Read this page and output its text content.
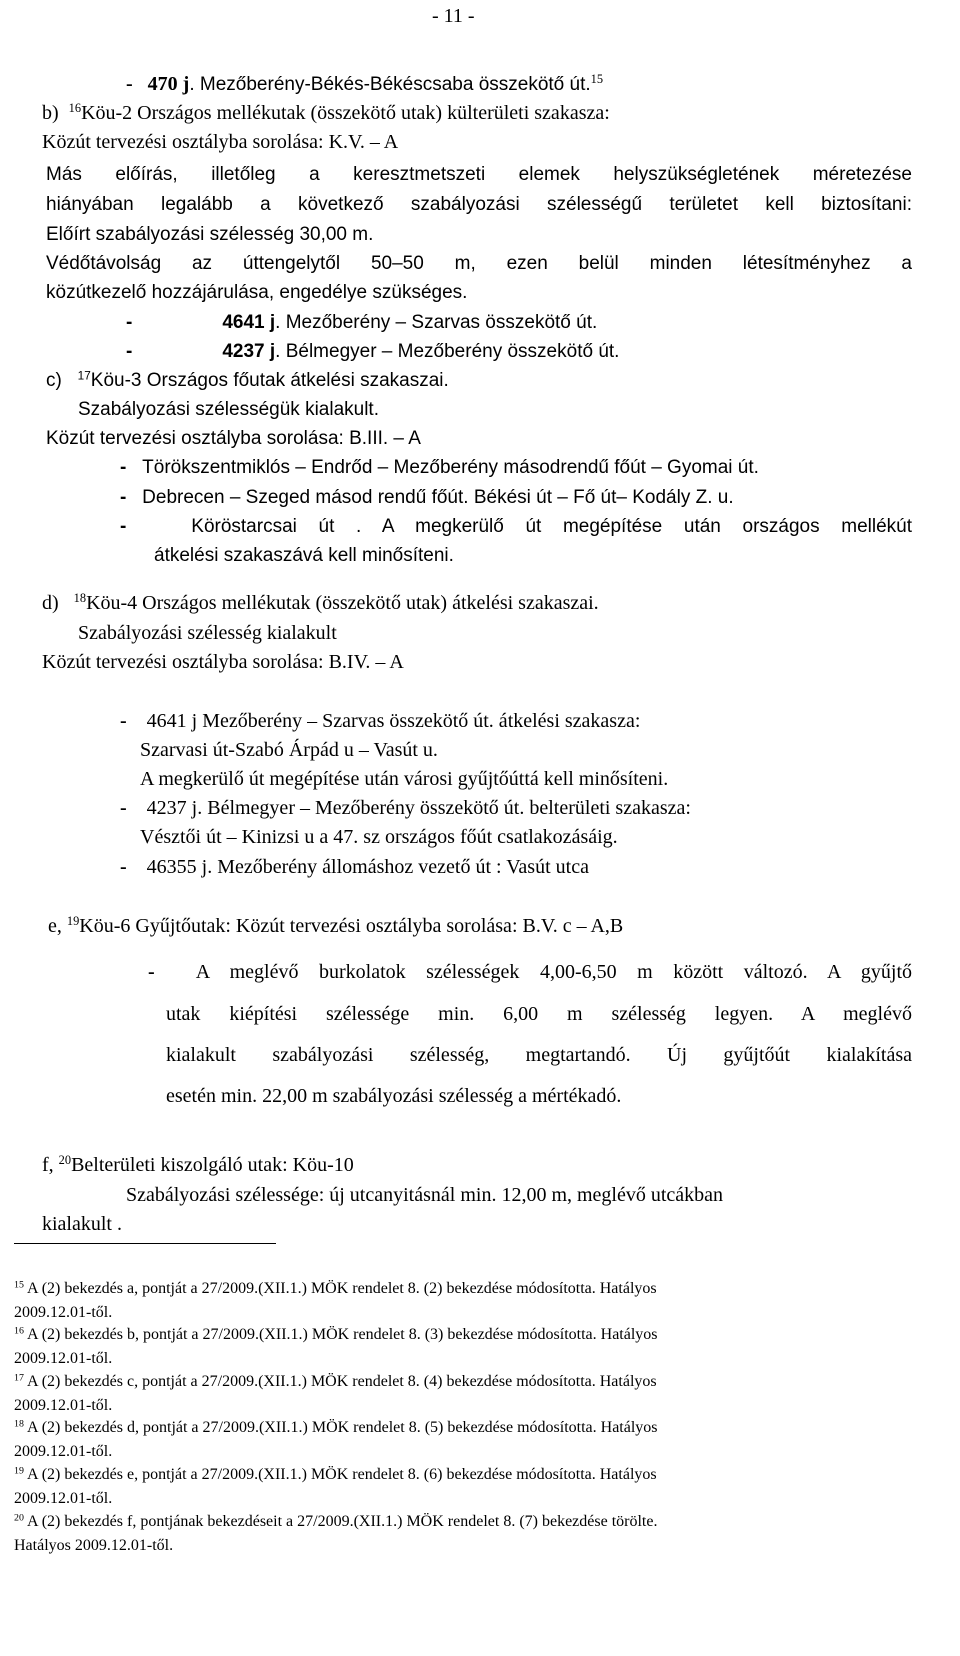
- 11 -
- 470 j. Mezőberény-Békés-Békéscsaba összekötő út.$^{15}$
b) $^{16}$Köu-2 Országos mellékutak (összekötő utak) külterületi szakasza:
Közút tervezési osztályba sorolása: K.V. – A
Más előírás, illetőleg a keresztmetszeti elemek helyszükségletének méretezése
hiányában legalább a következő szabályozási szélességű területet kell biztosítani:
Előírt szabályozási szélesség 30,00 m.
Védőtávolság az úttengelytől 50–50 m, ezen belül minden létesítményhez a
közútkezelő hozzájárulása, engedélye szükséges.
-	4641 j. Mezőberény – Szarvas összekötő út.
-	4237 j. Bélmegyer – Mezőberény összekötő út.
c) $^{17}$Köu-3 Országos főutak átkelési szakaszai.
Szabályozási szélességük kialakult.
Közút tervezési osztályba sorolása: B.III. – A
- Törökszentmiklós – Endrőd – Mezőberény másodrendű főút – Gyomai út.
- Debrecen – Szeged másod rendű főút. Békési út – Fő út– Kodály Z. u.
-	Köröstarcsai út . A megkerülő út megépítése után országos mellékút
átkelési szakaszává kell minősíteni.
d) $^{18}$Köu-4 Országos mellékutak (összekötő utak) átkelési szakaszai.
Szabályozási szélesség kialakult
Közút tervezési osztályba sorolása: B.IV. – A
- 4641 j Mezőberény – Szarvas összekötő út. átkelési szakasza:
Szarvasi út-Szabó Árpád u – Vasút u.
A megkerülő út megépítése után városi gyűjtőúttá kell minősíteni.
- 4237 j. Bélmegyer – Mezőberény összekötő út. belterületi szakasza:
Vésztői út – Kinizsi u a 47. sz országos főút csatlakozásáig.
- 46355 j. Mezőberény állomáshoz vezető út : Vasút utca
e, $^{19}$Köu-6 Gyűjtőutak: Közút tervezési osztályba sorolása: B.V. c – A,B
- A meglévő burkolatok szélességek 4,00-6,50 m között változó. A gyűjtő
utak kiépítési szélessége min. 6,00 m szélesség legyen. A meglévő
kialakult szabályozási szélesség, megtartandó. Új gyűjtőút kialakítása
esetén min. 22,00 m szabályozási szélesség a mértékadó.
f, $^{20}$Belterületi kiszolgáló utak: Köu-10
Szabályozási szélessége: új utcanyitásnál min. 12,00 m, meglévő utcákban
kialakult .
$^{15}$ A (2) bekezdés a, pontját a 27/2009.(XII.1.) MÖK rendelet 8. (2) bekezdése módosította. Hatályos
2009.12.01-től.
$^{16}$ A (2) bekezdés b, pontját a 27/2009.(XII.1.) MÖK rendelet 8. (3) bekezdése módosította. Hatályos
2009.12.01-től.
$^{17}$ A (2) bekezdés c, pontját a 27/2009.(XII.1.) MÖK rendelet 8. (4) bekezdése módosította. Hatályos
2009.12.01-től.
$^{18}$ A (2) bekezdés d, pontját a 27/2009.(XII.1.) MÖK rendelet 8. (5) bekezdése módosította. Hatályos
2009.12.01-től.
$^{19}$ A (2) bekezdés e, pontját a 27/2009.(XII.1.) MÖK rendelet 8. (6) bekezdése módosította. Hatályos
2009.12.01-től.
$^{20}$ A (2) bekezdés f, pontjának bekezdéseit a 27/2009.(XII.1.) MÖK rendelet 8. (7) bekezdése törölte.
Hatályos 2009.12.01-től.
